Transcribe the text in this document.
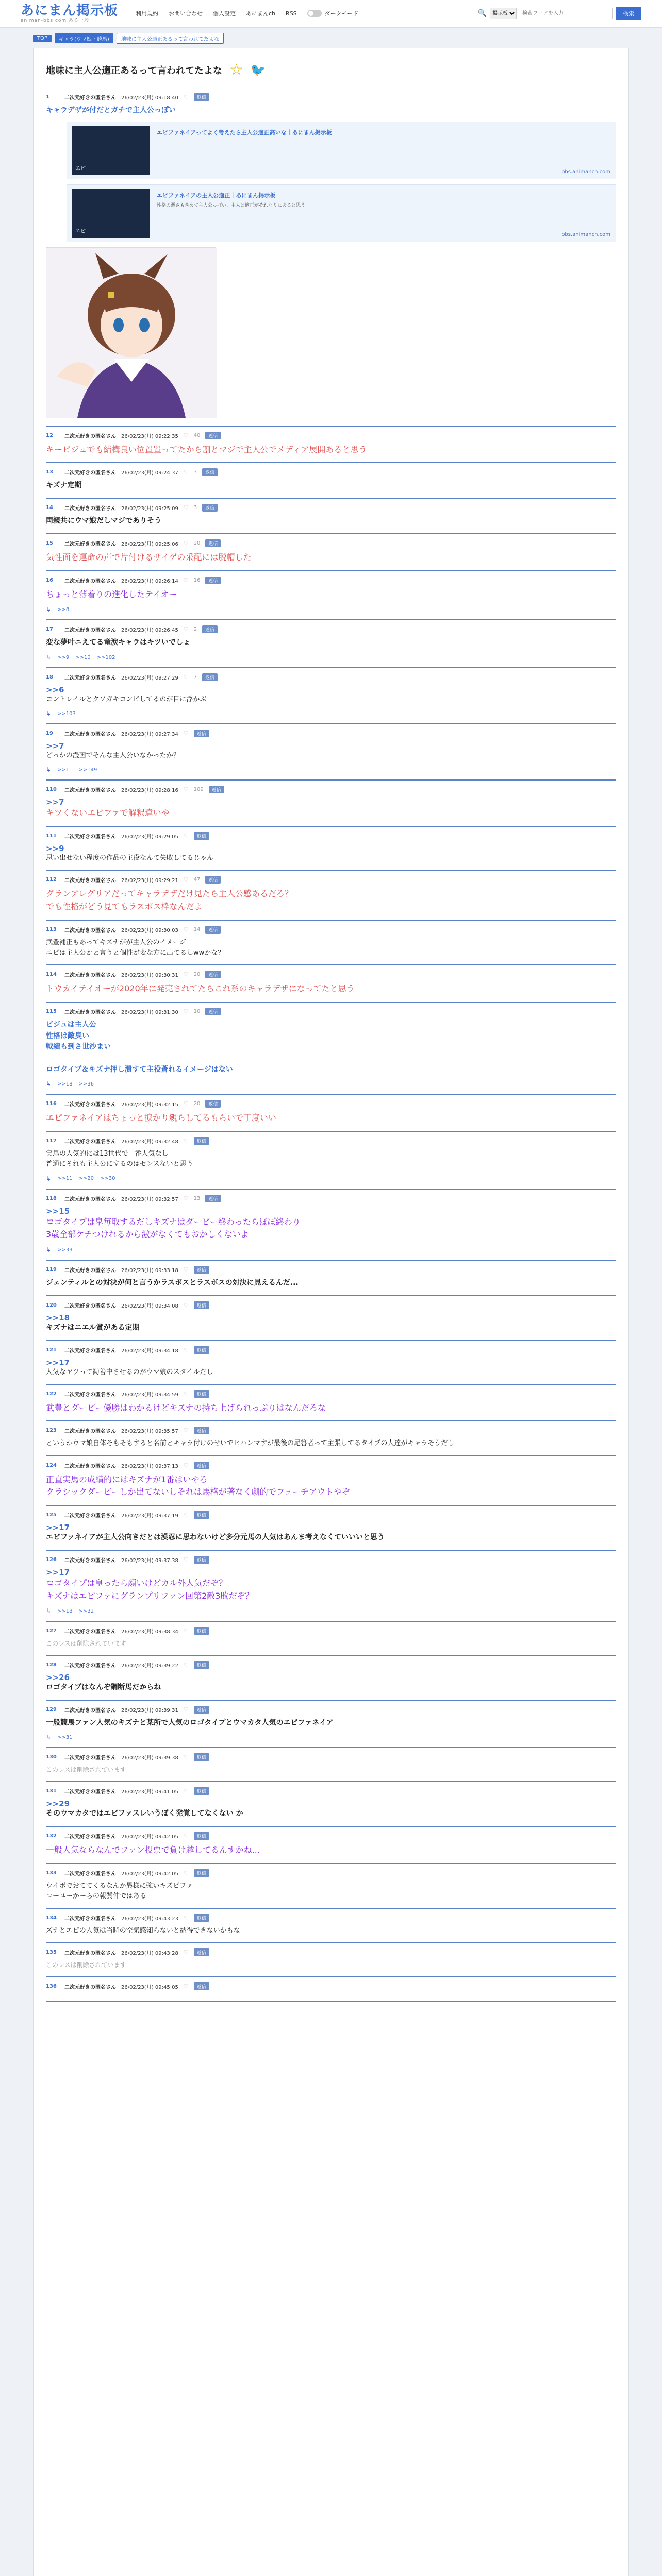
あにまん掲示板
animan-bbs.com ある一般
利用規約 お問い合わせ 個人設定 あにまんch RSS	ダークモード	🔍
掲示板
検索ワードを入力	検索
TOP	キャラ(ウマ娘・競馬)	地味に主人公適正あるって言われてたよな
地味に主人公適正あるって言われてたよな ☆ 🐦
1	二次元好きの匿名さん 26/02/23(月) 09:18:40 ♡	返信
キャラデザが付だとガチで主人公っぽい
エピ
エピファネイアってよく考えたら主人公適正高いな｜あにまん掲示板
bbs.animanch.com
エピ
エピファネイアの主人公適正｜あにまん掲示板
性格の悪さも含めて主人公っぽい、主人公適正がそれなりにあると思う
bbs.animanch.com
12	二次元好きの匿名さん 26/02/23(月) 09:22:35 ♡ 40	返信
キービジュでも結構良い位置置ってたから割とマジで主人公でメディア展開あると思う
13	二次元好きの匿名さん 26/02/23(月) 09:24:37 ♡ 3	返信
キズナ定期
14	二次元好きの匿名さん 26/02/23(月) 09:25:09 ♡ 3	返信
両親共にウマ娘だしマジでありそう
15	二次元好きの匿名さん 26/02/23(月) 09:25:06 ♡ 20	返信
気性面を運命の声で片付けるサイゲの采配には脱帽した
16	二次元好きの匿名さん 26/02/23(月) 09:26:14 ♡ 16	返信
ちょっと薄着りの進化したテイオー
↳ >>8
17	二次元好きの匿名さん 26/02/23(月) 09:26:45 ♡ 2	返信
変な夢叶ニえてる竜涙キャラはキツいでしょ
↳ >>9 >>10 >>102
18	二次元好きの匿名さん 26/02/23(月) 09:27:29 ♡ 7	返信
>>6
コントレイルとクソガキコンビしてるのが目に浮かぶ
↳ >>103
19	二次元好きの匿名さん 26/02/23(月) 09:27:34 ♡	返信
>>7
どっかの漫画でそんな主人公いなかったか？
↳ >>11 >>149
110	二次元好きの匿名さん 26/02/23(月) 09:28:16 ♡ 109	返信
>>7
キツくないエピファで解釈違いや
111	二次元好きの匿名さん 26/02/23(月) 09:29:05 ♡	返信
>>9
思い出せない程度の作品の主役なんて失敗してるじゃん
112	二次元好きの匿名さん 26/02/23(月) 09:29:21 ♡ 47	返信
グランアレグリアだってキャラデザだけ見たら主人公感あるだろ？
でも性格がどう見てもラスボス枠なんだよ
113	二次元好きの匿名さん 26/02/23(月) 09:30:03 ♡ 14	返信
武豊補正もあってキズナがが主人公のイメージ
エピは主人公かと言うと個性が変な方に出てるしwwかな？
114	二次元好きの匿名さん 26/02/23(月) 09:30:31 ♡ 20	返信
トウカイテイオーが2020年に発売されてたらこれ系のキャラデザになってたと思う
115	二次元好きの匿名さん 26/02/23(月) 09:31:30 ♡ 10	返信
ビジュは主人公
性格は敵臭い
戦績も到さ世沙まい

ロゴタイプ＆キズナ押し潰すて主役蒼れるイメージはない
↳ >>18 >>36
116	二次元好きの匿名さん 26/02/23(月) 09:32:15 ♡ 20	返信
エピファネイアはちょっと捩かり親らしてるもらいで丁度いい
117	二次元好きの匿名さん 26/02/23(月) 09:32:48 ♡	返信
実馬の人気的には13世代で一番人気なし
普通にそれも主人公にするのはセンスないと思う
↳ >>11 >>20 >>30
118	二次元好きの匿名さん 26/02/23(月) 09:32:57 ♡ 13	返信
>>15
ロゴタイプは皐毎取するだしキズナはダービー終わったらほぼ終わり
3歳全部ケチつけれるから激がなくてもおかしくないよ
↳ >>33
119	二次元好きの匿名さん 26/02/23(月) 09:33:18 ♡	返信
ジェンティルとの対決が何と言うかラスボスとラスボスの対決に見えるんだ...
120	二次元好きの匿名さん 26/02/23(月) 09:34:08 ♡	返信
>>18
キズナはニエル賞がある定期
121	二次元好きの匿名さん 26/02/23(月) 09:34:18 ♡	返信
>>17
人気なヤツって勧善中させるのがウマ娘のスタイルだし
122	二次元好きの匿名さん 26/02/23(月) 09:34:59 ♡	返信
武豊とダービー優勝はわかるけどキズナの持ち上げられっぷりはなんだろな
123	二次元好きの匿名さん 26/02/23(月) 09:35:57 ♡	返信
というかウマ娘自体そもそもすると名前とキャラ付けのせいでヒハンマすが最後の尾答者って主張してるタイプの人達がキャラそうだし
124	二次元好きの匿名さん 26/02/23(月) 09:37:13 ♡	返信
正直実馬の成績的にはキズナが1番はいやろ
クラシックダービーしか出てないしそれは馬格が著なく劇的でフューチアウトやぞ
125	二次元好きの匿名さん 26/02/23(月) 09:37:19 ♡	返信
>>17
エピファネイアが主人公向きだとは漠忍に思わないけど多分元馬の人気はあんま考えなくていいいと思う
126	二次元好きの匿名さん 26/02/23(月) 09:37:38 ♡	返信
>>17
ロゴタイプは皇ったら顔いけどカル外人気だぞ？
キズナはエピファにグランプリファン回第2敵3敗だぞ？
↳ >>18 >>32
127	二次元好きの匿名さん 26/02/23(月) 09:38:34 ♡	返信
このレスは削除されています
128	二次元好きの匿名さん 26/02/23(月) 09:39:22 ♡	返信
>>26
ロゴタイプはなんぞ鋼断馬だからね
129	二次元好きの匿名さん 26/02/23(月) 09:39:31 ♡	返信
一般競馬ファン人気のキズナと某所で人気のロゴタイプとウマカタ人気のエピファネイア
↳ >>31
130	二次元好きの匿名さん 26/02/23(月) 09:39:38 ♡	返信
このレスは削除されています
131	二次元好きの匿名さん 26/02/23(月) 09:41:05 ♡	返信
>>29
そのウマカタではエピファスレいうぼく発覚してなくない か
132	二次元好きの匿名さん 26/02/23(月) 09:42:05 ♡	返信
一般人気ならなんでファン投票で負け越してるんすかね...
133	二次元好きの匿名さん 26/02/23(月) 09:42:05 ♡	返信
ウイポでおててくるなんか異様に強いキズピファ
コーユーかーらの報質仲ではある
134	二次元好きの匿名さん 26/02/23(月) 09:43:23 ♡	返信
ズナとエピの人気は当時の空気感知らないと納得できないかもな
135	二次元好きの匿名さん 26/02/23(月) 09:43:28 ♡	返信
このレスは削除されています
136	二次元好きの匿名さん 26/02/23(月) 09:45:05 ♡	返信
